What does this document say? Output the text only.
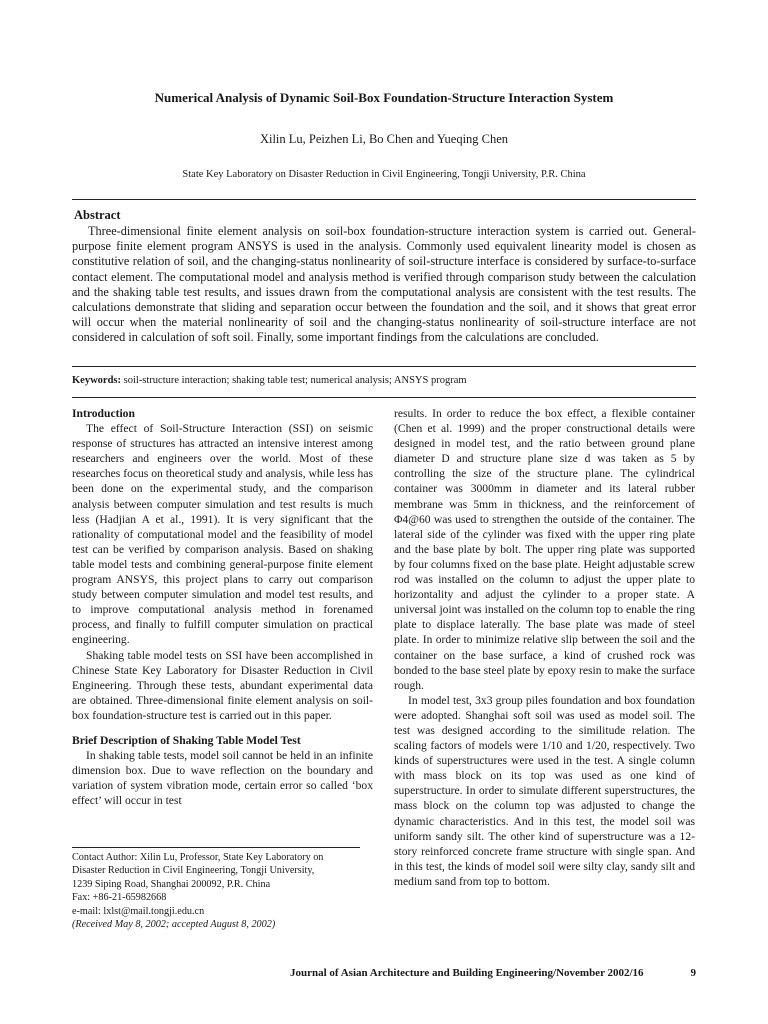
Numerical Analysis of Dynamic Soil-Box Foundation-Structure Interaction System
Xilin Lu, Peizhen Li, Bo Chen and Yueqing Chen
State Key Laboratory on Disaster Reduction in Civil Engineering, Tongji University, P.R. China
Abstract

Three-dimensional finite element analysis on soil-box foundation-structure interaction system is carried out. General-purpose finite element program ANSYS is used in the analysis. Commonly used equivalent linearity model is chosen as constitutive relation of soil, and the changing-status nonlinearity of soil-structure interface is considered by surface-to-surface contact element. The computational model and analysis method is verified through comparison study between the calculation and the shaking table test results, and issues drawn from the computational analysis are consistent with the test results. The calculations demonstrate that sliding and separation occur between the foundation and the soil, and it shows that great error will occur when the material nonlinearity of soil and the changing-status nonlinearity of soil-structure interface are not considered in calculation of soft soil. Finally, some important findings from the calculations are concluded.

Keywords: soil-structure interaction; shaking table test; numerical analysis; ANSYS program
Introduction

The effect of Soil-Structure Interaction (SSI) on seismic response of structures has attracted an intensive interest among researchers and engineers over the world. Most of these researches focus on theoretical study and analysis, while less has been done on the experimental study, and the comparison analysis between computer simulation and test results is much less (Hadjian A et al., 1991). It is very significant that the rationality of computational model and the feasibility of model test can be verified by comparison analysis. Based on shaking table model tests and combining general-purpose finite element program ANSYS, this project plans to carry out comparison study between computer simulation and model test results, and to improve computational analysis method in forenamed process, and finally to fulfill computer simulation on practical engineering.

Shaking table model tests on SSI have been accomplished in Chinese State Key Laboratory for Disaster Reduction in Civil Engineering. Through these tests, abundant experimental data are obtained. Three-dimensional finite element analysis on soil-box foundation-structure test is carried out in this paper.

Brief Description of Shaking Table Model Test

In shaking table tests, model soil cannot be held in an infinite dimension box. Due to wave reflection on the boundary and variation of system vibration mode, certain error so called ‘box effect’ will occur in test

results. In order to reduce the box effect, a flexible container (Chen et al. 1999) and the proper constructional details were designed in model test, and the ratio between ground plane diameter D and structure plane size d was taken as 5 by controlling the size of the structure plane. The cylindrical container was 3000mm in diameter and its lateral rubber membrane was 5mm in thickness, and the reinforcement of Φ4@60 was used to strengthen the outside of the container. The lateral side of the cylinder was fixed with the upper ring plate and the base plate by bolt. The upper ring plate was supported by four columns fixed on the base plate. Height adjustable screw rod was installed on the column to adjust the upper plate to horizontality and adjust the cylinder to a proper state. A universal joint was installed on the column top to enable the ring plate to displace laterally. The base plate was made of steel plate. In order to minimize relative slip between the soil and the container on the base surface, a kind of crushed rock was bonded to the base steel plate by epoxy resin to make the surface rough.

In model test, 3x3 group piles foundation and box foundation were adopted. Shanghai soft soil was used as model soil. The test was designed according to the similitude relation. The scaling factors of models were 1/10 and 1/20, respectively. Two kinds of superstructures were used in the test. A single column with mass block on its top was used as one kind of superstructure. In order to simulate different superstructures, the mass block on the column top was adjusted to change the dynamic characteristics. And in this test, the model soil was uniform sandy silt. The other kind of superstructure was a 12-story reinforced concrete frame structure with single span. And in this test, the kinds of model soil were silty clay, sandy silt and medium sand from top to bottom.

Contact Author: Xilin Lu, Professor, State Key Laboratory on
Disaster Reduction in Civil Engineering, Tongji University,
1239 Siping Road, Shanghai 200092, P.R. China
Fax: +86-21-65982668
e-mail: lxlst@mail.tongji.edu.cn
(Received May 8, 2002; accepted August 8, 2002)
Journal of Asian Architecture and Building Engineering/November 2002/16	9
